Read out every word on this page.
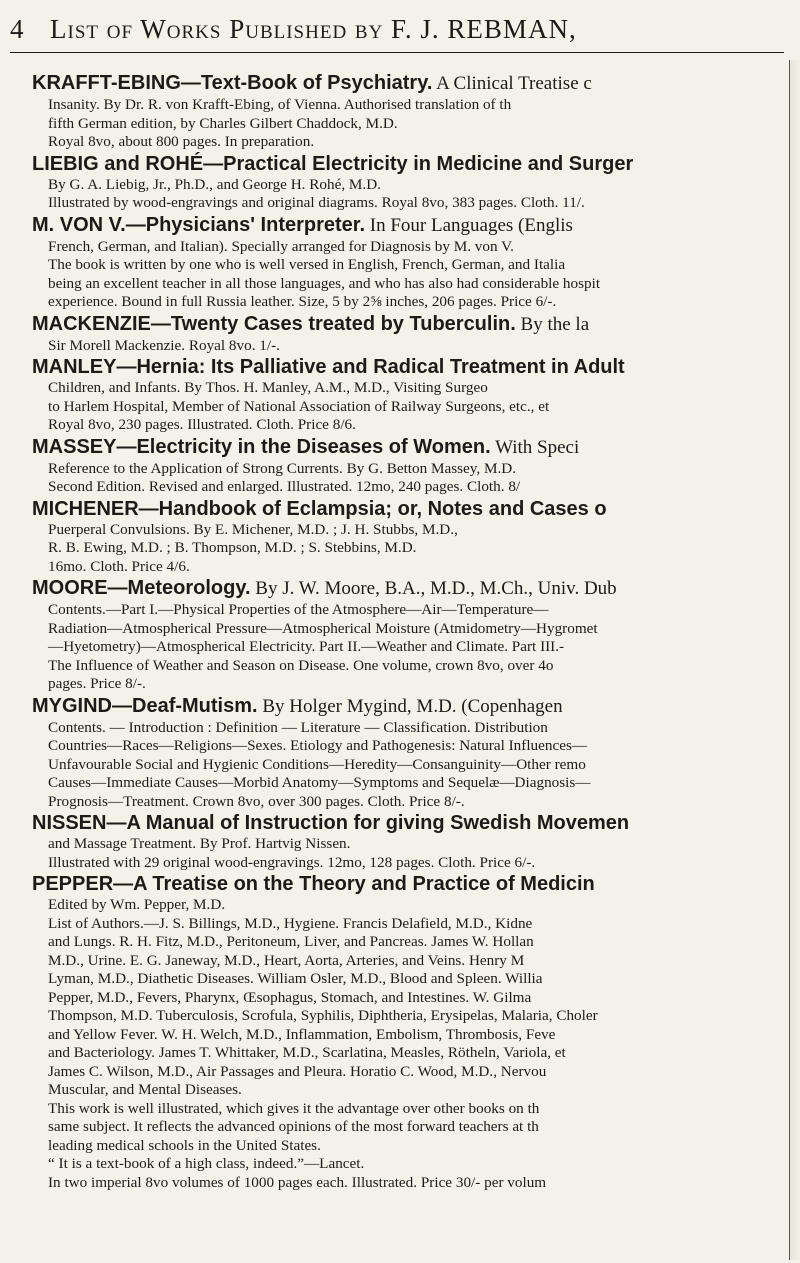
4 List of Works Published by F. J. REBMAN,
KRAFFT-EBING—Text-Book of Psychiatry. A Clinical Treatise c
Insanity. By Dr. R. von Krafft-Ebing, of Vienna. Authorised translation of th
fifth German edition, by Charles Gilbert Chaddock, M.D.
Royal 8vo, about 800 pages. In preparation.
LIEBIG and ROHÉ—Practical Electricity in Medicine and Surger
By G. A. Liebig, Jr., Ph.D., and George H. Rohé, M.D.
Illustrated by wood-engravings and original diagrams. Royal 8vo, 383 pages. Cloth. 11/.
M. VON V.—Physicians' Interpreter. In Four Languages (Englis
French, German, and Italian). Specially arranged for Diagnosis by M. von V.
The book is written by one who is well versed in English, French, German, and Italia
being an excellent teacher in all those languages, and who has also had considerable hospit
experience. Bound in full Russia leather. Size, 5 by 2⅝ inches, 206 pages. Price 6/-.
MACKENZIE—Twenty Cases treated by Tuberculin. By the la
Sir Morell Mackenzie. Royal 8vo. 1/-.
MANLEY—Hernia: Its Palliative and Radical Treatment in Adult
Children, and Infants. By Thos. H. Manley, A.M., M.D., Visiting Surgeo
to Harlem Hospital, Member of National Association of Railway Surgeons, etc., et
Royal 8vo, 230 pages. Illustrated. Cloth. Price 8/6.
MASSEY—Electricity in the Diseases of Women. With Speci
Reference to the Application of Strong Currents. By G. Betton Massey, M.D.
Second Edition. Revised and enlarged. Illustrated. 12mo, 240 pages. Cloth. 8/
MICHENER—Handbook of Eclampsia; or, Notes and Cases o
Puerperal Convulsions. By E. Michener, M.D. ; J. H. Stubbs, M.D.,
R. B. Ewing, M.D. ; B. Thompson, M.D. ; S. Stebbins, M.D.
16mo. Cloth. Price 4/6.
MOORE—Meteorology. By J. W. Moore, B.A., M.D., M.Ch., Univ. Dub
Contents.—Part I.—Physical Properties of the Atmosphere—Air—Temperature—
Radiation—Atmospherical Pressure—Atmospherical Moisture (Atmidometry—Hygromet
—Hyetometry)—Atmospherical Electricity. Part II.—Weather and Climate. Part III.-
The Influence of Weather and Season on Disease. One volume, crown 8vo, over 4o
pages. Price 8/-.
MYGIND—Deaf-Mutism. By Holger Mygind, M.D. (Copenhagen
Contents. — Introduction : Definition — Literature — Classification. Distribution
Countries—Races—Religions—Sexes. Etiology and Pathogenesis: Natural Influences—
Unfavourable Social and Hygienic Conditions—Heredity—Consanguinity—Other remo
Causes—Immediate Causes—Morbid Anatomy—Symptoms and Sequelæ—Diagnosis—
Prognosis—Treatment. Crown 8vo, over 300 pages. Cloth. Price 8/-.
NISSEN—A Manual of Instruction for giving Swedish Movemen
and Massage Treatment. By Prof. Hartvig Nissen.
Illustrated with 29 original wood-engravings. 12mo, 128 pages. Cloth. Price 6/-.
PEPPER—A Treatise on the Theory and Practice of Medicin
Edited by Wm. Pepper, M.D.
List of Authors.—J. S. Billings, M.D., Hygiene. Francis Delafield, M.D., Kidne
and Lungs. R. H. Fitz, M.D., Peritoneum, Liver, and Pancreas. James W. Hollan
M.D., Urine. E. G. Janeway, M.D., Heart, Aorta, Arteries, and Veins. Henry M
Lyman, M.D., Diathetic Diseases. William Osler, M.D., Blood and Spleen. Willia
Pepper, M.D., Fevers, Pharynx, Œsophagus, Stomach, and Intestines. W. Gilma
Thompson, M.D. Tuberculosis, Scrofula, Syphilis, Diphtheria, Erysipelas, Malaria, Choler
and Yellow Fever. W. H. Welch, M.D., Inflammation, Embolism, Thrombosis, Feve
and Bacteriology. James T. Whittaker, M.D., Scarlatina, Measles, Rötheln, Variola, et
James C. Wilson, M.D., Air Passages and Pleura. Horatio C. Wood, M.D., Nervou
Muscular, and Mental Diseases.
This work is well illustrated, which gives it the advantage over other books on th
same subject. It reflects the advanced opinions of the most forward teachers at th
leading medical schools in the United States.
“ It is a text-book of a high class, indeed.”—Lancet.
In two imperial 8vo volumes of 1000 pages each. Illustrated. Price 30/- per volum
